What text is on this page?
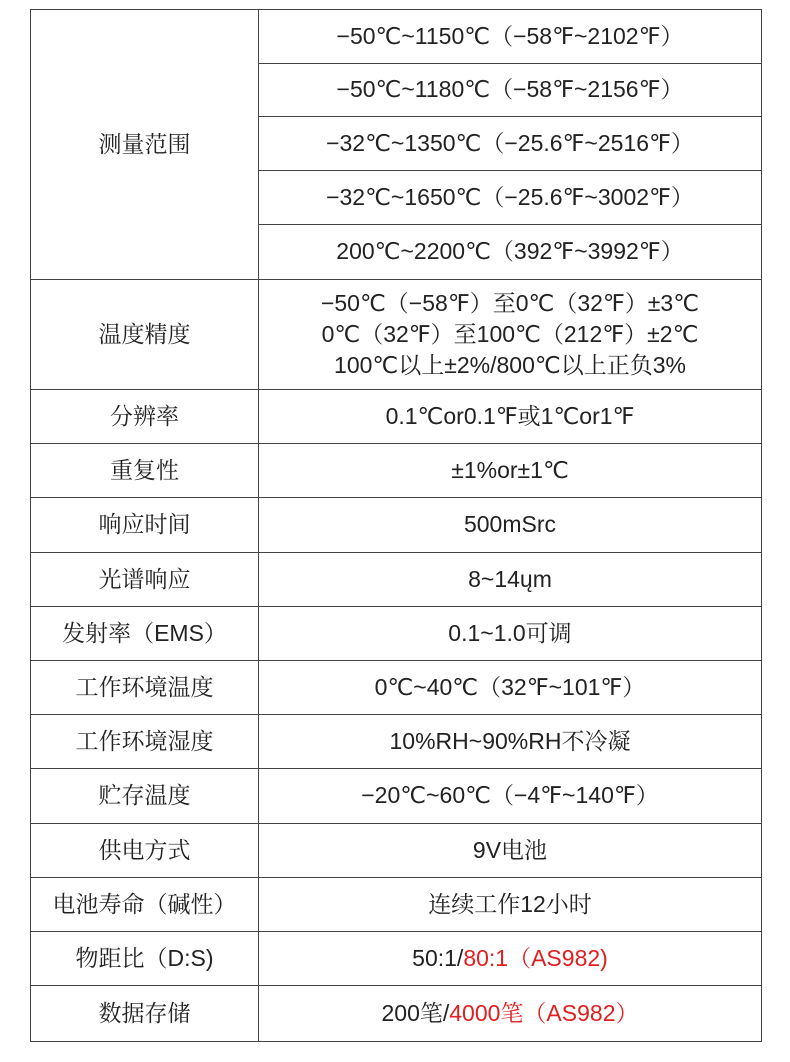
测量范围	−50℃~1150℃（−58℉~2102℉）
	−50℃~1180℃（−58℉~2156℉）
	−32℃~1350℃（−25.6℉~2516℉）
	−32℃~1650℃（−25.6℉~3002℉）
	200℃~2200℃（392℉~3992℉）
温度精度	−50℃（−58℉）至0℃（32℉）±3℃
0℃（32℉）至100℃（212℉）±2℃
100℃以上±2%/800℃以上正负3%

分辨率	0.1℃or0.1℉或1℃or1℉
重复性	±1%or±1℃
响应时间	500mSrc
光谱响应	8~14ųm
发射率（EMS）	0.1~1.0可调
工作环境温度	0℃~40℃（32℉~101℉）
工作环境湿度	10%RH~90%RH不冷凝
贮存温度	−20℃~60℃（−4℉~140℉）
供电方式	9V电池
电池寿命（碱性）	连续工作12小时
物距比（D:S)	50:1/80:1（AS982)
数据存储	200笔/4000笔（AS982）
